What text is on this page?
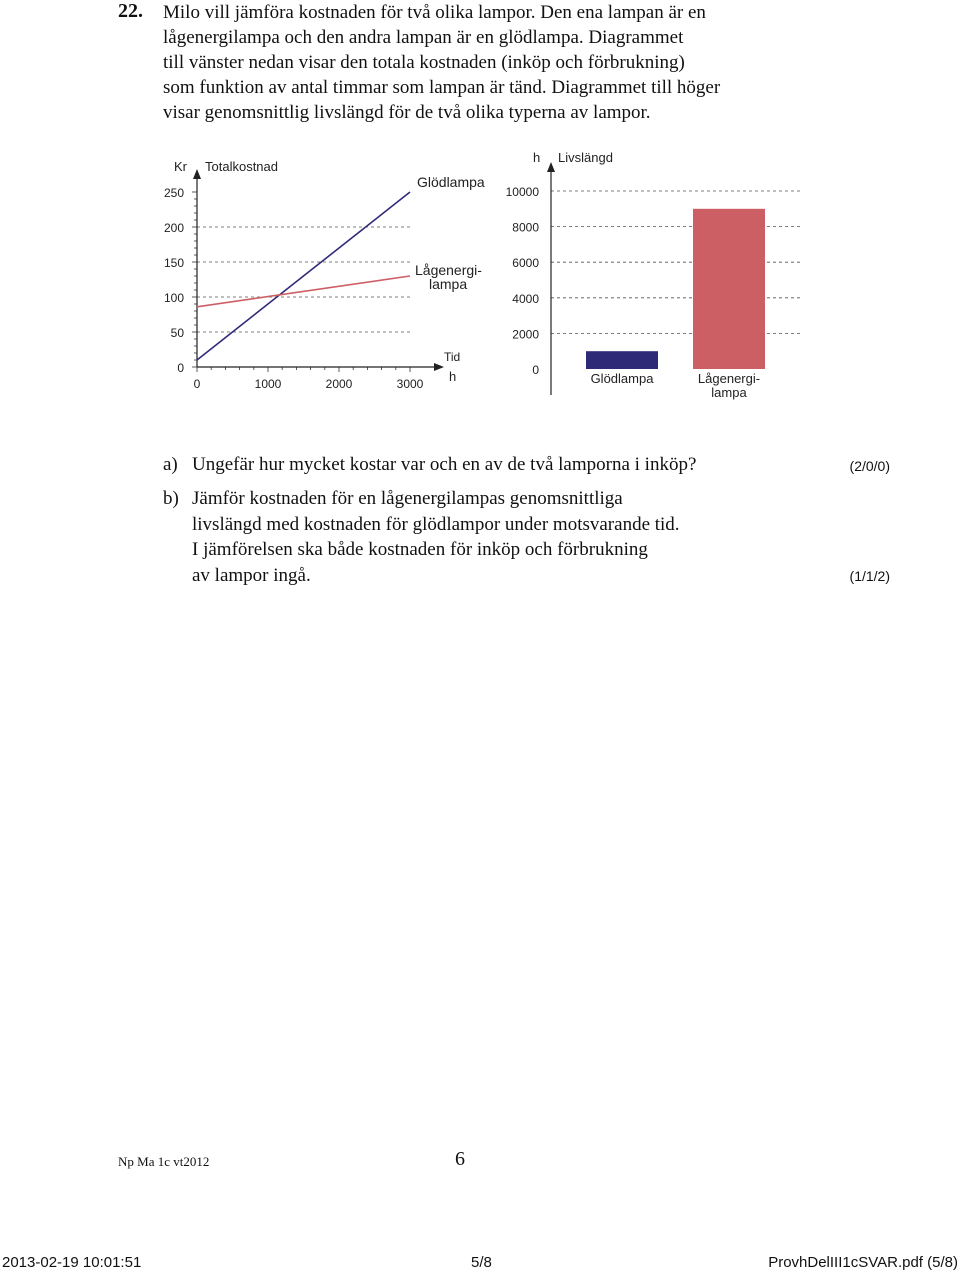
22. Milo vill jämföra kostnaden för två olika lampor. Den ena lampan är en
lågenergilampa och den andra lampan är en glödlampa. Diagrammet
till vänster nedan visar den totala kostnaden (inköp och förbrukning)
som funktion av antal timmar som lampan är tänd. Diagrammet till höger
visar genomsnittlig livslängd för de två olika typerna av lampor.
0
50
100
150
200
250
0	1000	2000	3000
Kr Totalkostnad
Tid
h
Glödlampa
Lågenergi-
lampa
0
2000
4000
6000
8000
10000
h Livslängd
Glödlampa	Lågenergi-
lampa
a) Ungefär hur mycket kostar var och en av de två lamporna i inköp?	(2/0/0)
b) Jämför kostnaden för en lågenergilampas genomsnittliga
livslängd med kostnaden för glödlampor under motsvarande tid.
I jämförelsen ska både kostnaden för inköp och förbrukning
av lampor ingå.	(1/1/2)
Np Ma 1c vt2012	6
2013-02-19 10:01:51	5/8	ProvhDelIII1cSVAR.pdf (5/8)
